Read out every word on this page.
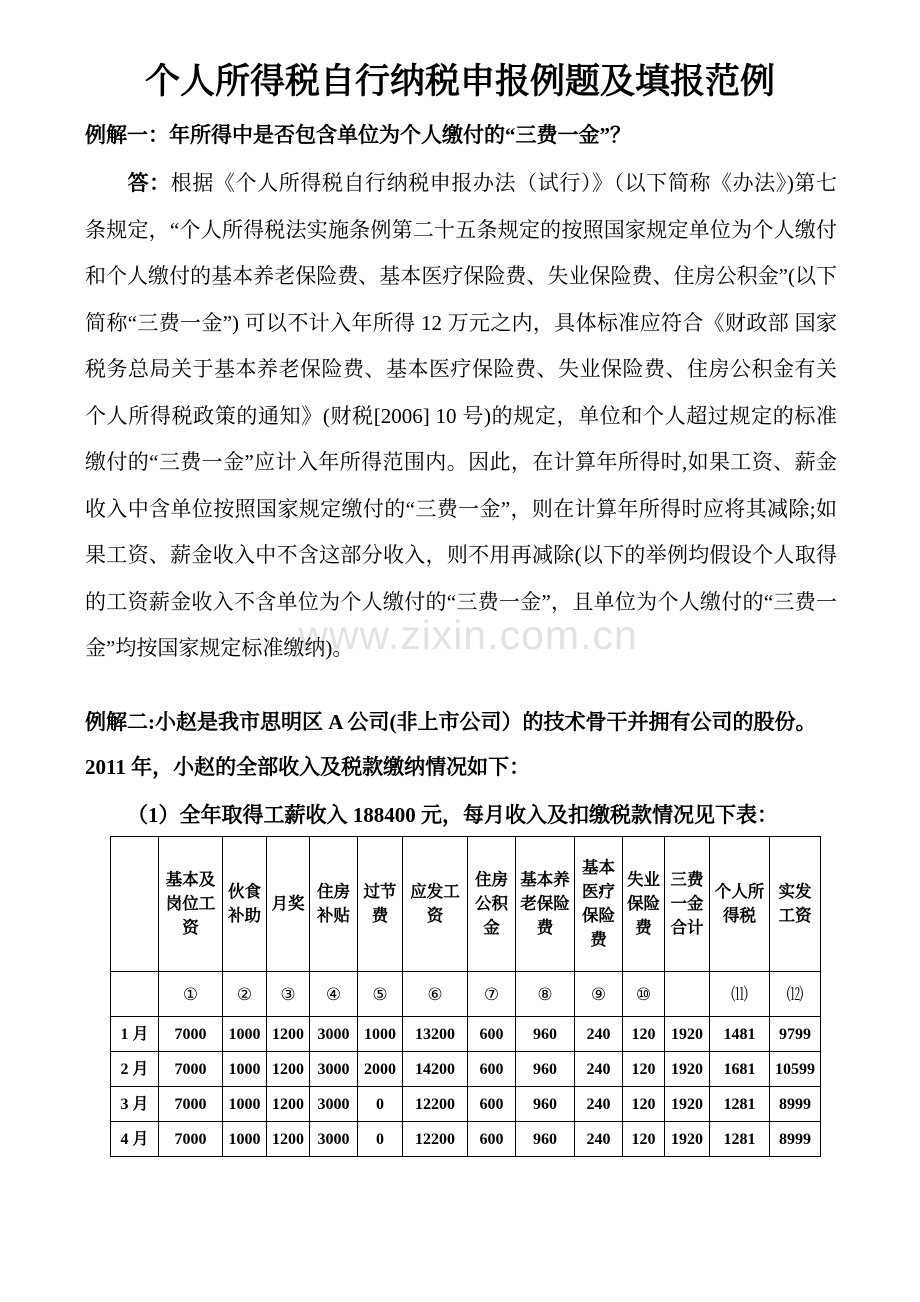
www.zixin.com.cn
个人所得税自行纳税申报例题及填报范例
例解一：年所得中是否包含单位为个人缴付的“三费一金”？
答：根据《个人所得税自行纳税申报办法（试行）》（以下简称《办法》)第七条规定，“个人所得税法实施条例第二十五条规定的按照国家规定单位为个人缴付和个人缴付的基本养老保险费、基本医疗保险费、失业保险费、住房公积金”(以下简称“三费一金”) 可以不计入年所得 12 万元之内，具体标准应符合《财政部 国家税务总局关于基本养老保险费、基本医疗保险费、失业保险费、住房公积金有关个人所得税政策的通知》(财税[2006] 10 号)的规定，单位和个人超过规定的标准缴付的“三费一金”应计入年所得范围内。因此，在计算年所得时,如果工资、薪金收入中含单位按照国家规定缴付的“三费一金”，则在计算年所得时应将其减除;如果工资、薪金收入中不含这部分收入，则不用再减除(以下的举例均假设个人取得的工资薪金收入不含单位为个人缴付的“三费一金”，且单位为个人缴付的“三费一金”均按国家规定标准缴纳)。
例解二:小赵是我市思明区 A 公司(非上市公司）的技术骨干并拥有公司的股份。
2011 年，小赵的全部收入及税款缴纳情况如下：
（1）全年取得工薪收入 188400 元，每月收入及扣缴税款情况见下表：
	基本及岗位工资	伙食补助	月奖	住房补贴	过节费	应发工资	住房公积金	基本养老保险费	基本医疗保险费	失业保险费	三费一金合计	个人所得税	实发工资
	①	②	③	④	⑤	⑥	⑦	⑧	⑨	⑩		⑾	⑿
1 月	7000	1000	1200	3000	1000	13200	600	960	240	120	1920	1481	9799
2 月	7000	1000	1200	3000	2000	14200	600	960	240	120	1920	1681	10599
3 月	7000	1000	1200	3000	0	12200	600	960	240	120	1920	1281	8999
4 月	7000	1000	1200	3000	0	12200	600	960	240	120	1920	1281	8999
